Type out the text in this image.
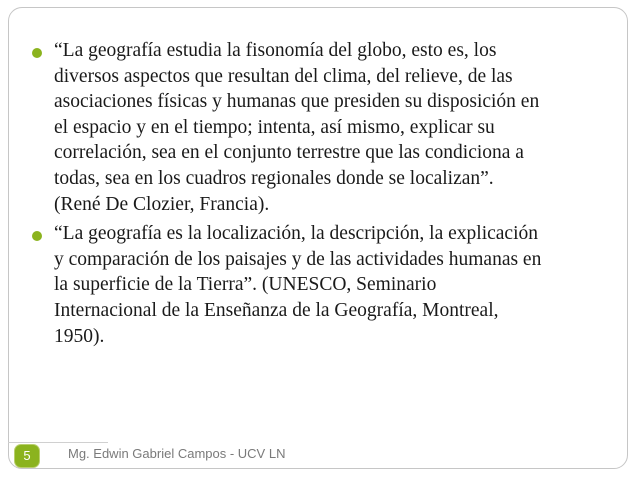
“La geografía estudia la fisonomía del globo, esto es, los
diversos aspectos que resultan del clima, del relieve, de las
asociaciones físicas y humanas que presiden su disposición en
el espacio y en el tiempo; intenta, así mismo, explicar su
correlación, sea en el conjunto terrestre que las condiciona a
todas, sea en los cuadros regionales donde se localizan”.
(René De Clozier, Francia).
“La geografía es la localización, la descripción, la explicación
y comparación de los paisajes y de las actividades humanas en
la superficie de la Tierra”. (UNESCO, Seminario
Internacional de la Enseñanza de la Geografía, Montreal,
1950).
5	Mg. Edwin Gabriel Campos - UCV LN
